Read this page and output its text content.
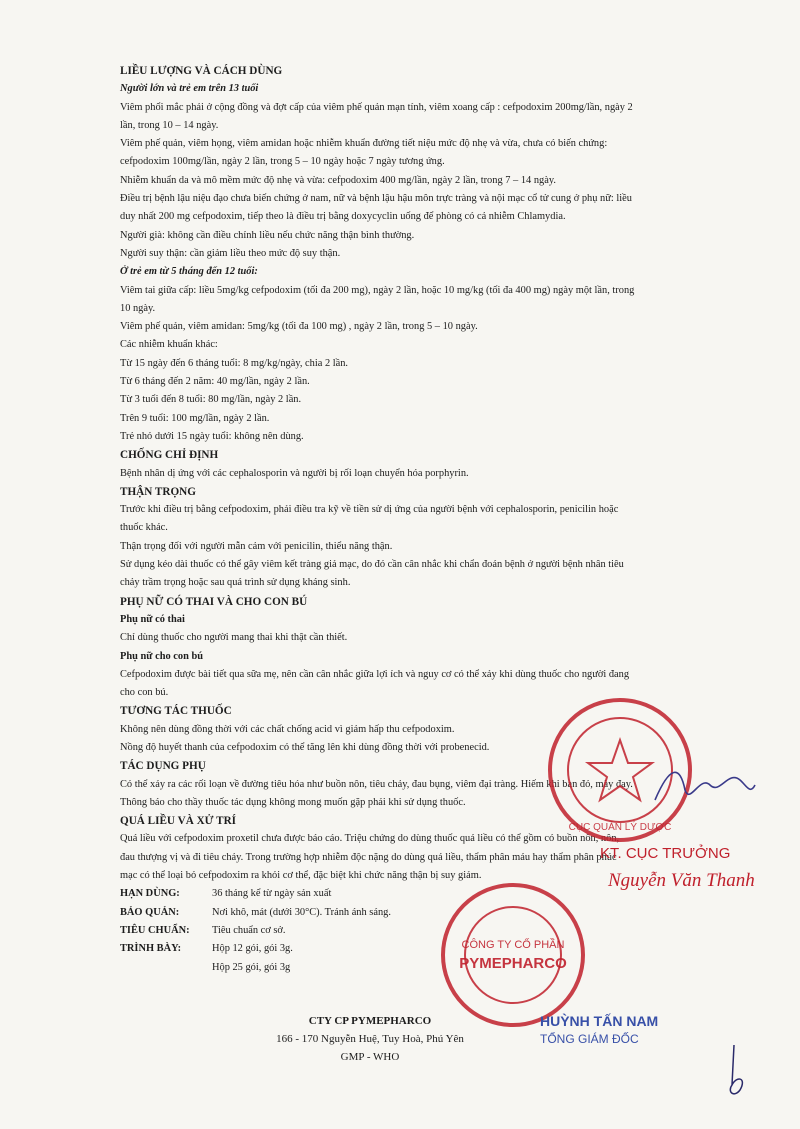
LIỀU LƯỢNG VÀ CÁCH DÙNG

Người lớn và trẻ em trên 13 tuổi

Viêm phổi mắc phải ở cộng đồng và đợt cấp của viêm phế quản mạn tính, viêm xoang cấp : cefpodoxim 200mg/lần, ngày 2

lần, trong 10 – 14 ngày.

Viêm phế quản, viêm họng, viêm amidan hoặc nhiễm khuẩn đường tiết niệu mức độ nhẹ và vừa, chưa có biến chứng:

cefpodoxim 100mg/lần, ngày 2 lần, trong 5 – 10 ngày hoặc 7 ngày tương ứng.

Nhiễm khuẩn da và mô mềm mức độ nhẹ và vừa: cefpodoxim 400 mg/lần, ngày 2 lần, trong 7 – 14 ngày.

Điều trị bệnh lậu niệu đạo chưa biến chứng ở nam, nữ và bệnh lậu hậu môn trực tràng và nội mạc cổ tử cung ở phụ nữ: liều

duy nhất 200 mg cefpodoxim, tiếp theo là điều trị bằng doxycyclin uống để phòng có cả nhiễm Chlamydia.

Người già: không cần điều chỉnh liều nếu chức năng thận bình thường.

Người suy thận: cần giảm liều theo mức độ suy thận.

Ở trẻ em từ 5 tháng đến 12 tuổi:

Viêm tai giữa cấp: liều 5mg/kg cefpodoxim (tối đa 200 mg), ngày 2 lần, hoặc 10 mg/kg (tối đa 400 mg) ngày một lần, trong

10 ngày.

Viêm phế quản, viêm amidan: 5mg/kg (tối đa 100 mg) , ngày 2 lần, trong 5 – 10 ngày.

Các nhiễm khuẩn khác:

Từ 15 ngày đến 6 tháng tuổi: 8 mg/kg/ngày, chia 2 lần.

Từ 6 tháng đến 2 năm: 40 mg/lần, ngày 2 lần.

Từ 3 tuổi đến 8 tuổi: 80 mg/lần, ngày 2 lần.

Trên 9 tuổi: 100 mg/lần, ngày 2 lần.

Trẻ nhỏ dưới 15 ngày tuổi: không nên dùng.

CHỐNG CHỈ ĐỊNH

Bệnh nhân dị ứng với các cephalosporin và người bị rối loạn chuyển hóa porphyrin.

THẬN TRỌNG

Trước khi điều trị bằng cefpodoxim, phải điều tra kỹ về tiền sử dị ứng của người bệnh với cephalosporin, penicilin hoặc

thuốc khác.

Thận trọng đối với người mẫn cảm với penicilin, thiểu năng thận.

Sử dụng kéo dài thuốc có thể gây viêm kết tràng giả mạc, do đó cần cân nhắc khi chẩn đoán bệnh ở người bệnh nhân tiêu

chảy trầm trọng hoặc sau quá trình sử dụng kháng sinh.

PHỤ NỮ CÓ THAI VÀ CHO CON BÚ

Phụ nữ có thai

Chỉ dùng thuốc cho người mang thai khi thật cần thiết.

Phụ nữ cho con bú

Cefpodoxim được bài tiết qua sữa mẹ, nên cần cân nhắc giữa lợi ích và nguy cơ có thể xảy khi dùng thuốc cho người đang

cho con bú.

TƯƠNG TÁC THUỐC

Không nên dùng đồng thời với các chất chống acid vì giảm hấp thu cefpodoxim.

Nồng độ huyết thanh của cefpodoxim có thể tăng lên khi dùng đồng thời với probenecid.

TÁC DỤNG PHỤ

Có thể xảy ra các rối loạn về đường tiêu hóa như buồn nôn, tiêu chảy, đau bụng, viêm đại tràng. Hiếm khi ban đỏ, mày đay.

Thông báo cho thầy thuốc tác dụng không mong muốn gặp phải khi sử dụng thuốc.

QUÁ LIỀU VÀ XỬ TRÍ

Quá liều với cefpodoxim proxetil chưa được báo cáo. Triệu chứng do dùng thuốc quá liều có thể gồm có buồn nôn, nôn,

đau thượng vị và đi tiêu chảy. Trong trường hợp nhiễm độc nặng do dùng quá liều, thẩm phân máu hay thẩm phân phúc

mạc có thể loại bỏ cefpodoxim ra khỏi cơ thể, đặc biệt khi chức năng thận bị suy giảm.

HẠN DÙNG:	36 tháng kể từ ngày sản xuất
BẢO QUẢN:	Nơi khô, mát (dưới 30°C). Tránh ánh sáng.
TIÊU CHUẨN:	Tiêu chuẩn cơ sở.
TRÌNH BÀY:	Hộp 12 gói, gói 3g.
Hộp 25 gói, gói 3g
CTY CP PYMEPHARCO
166 - 170 Nguyễn Huệ, Tuy Hoà, Phú Yên
GMP - WHO
CỤC QUẢN LÝ DƯỢC
KT. CỤC TRƯỞNG
Nguyễn Văn Thanh
CÔNG TY CỔ PHẦN
PYMEPHARCO
HUỲNH TẤN NAM
TỔNG GIÁM ĐỐC
